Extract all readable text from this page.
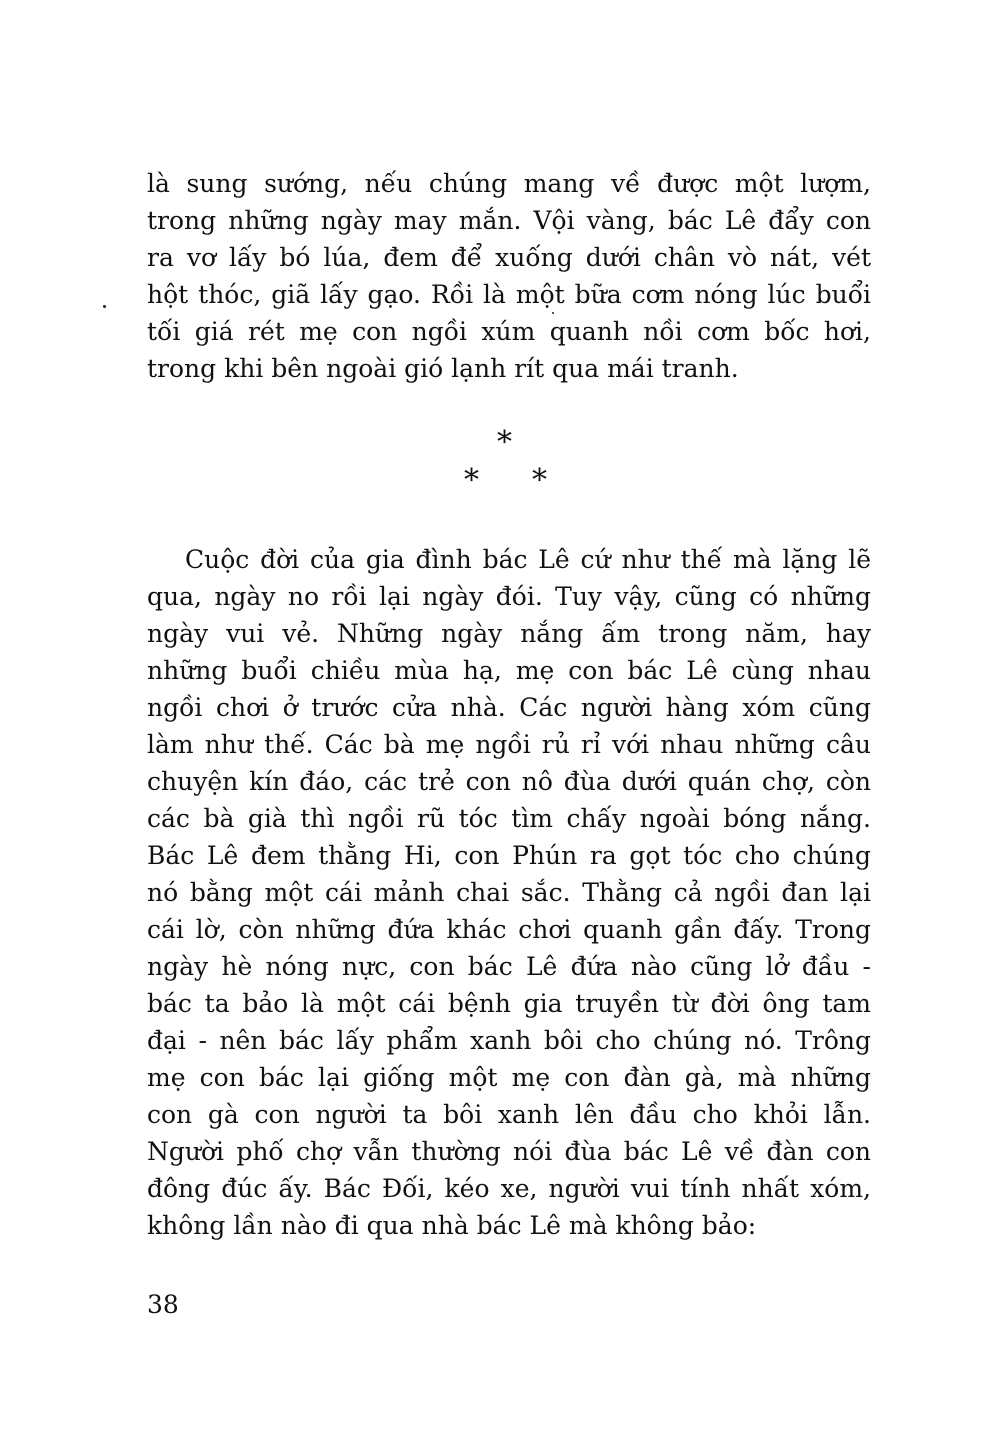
là sung sướng, nếu chúng mang về được một lượm,
trong những ngày may mắn. Vội vàng, bác Lê đẩy con
ra vơ lấy bó lúa, đem để xuống dưới chân vò nát, vét
hột thóc, giã lấy gạo. Rồi là một bữa cơm nóng lúc buổi
tối giá rét mẹ con ngồi xúm quanh nồi cơm bốc hơi,
trong khi bên ngoài gió lạnh rít qua mái tranh.
*
* *
Cuộc đời của gia đình bác Lê cứ như thế mà lặng lẽ
qua, ngày no rồi lại ngày đói. Tuy vậy, cũng có những
ngày vui vẻ. Những ngày nắng ấm trong năm, hay
những buổi chiều mùa hạ, mẹ con bác Lê cùng nhau
ngồi chơi ở trước cửa nhà. Các người hàng xóm cũng
làm như thế. Các bà mẹ ngồi rủ rỉ với nhau những câu
chuyện kín đáo, các trẻ con nô đùa dưới quán chợ, còn
các bà già thì ngồi rũ tóc tìm chấy ngoài bóng nắng.
Bác Lê đem thằng Hi, con Phún ra gọt tóc cho chúng
nó bằng một cái mảnh chai sắc. Thằng cả ngồi đan lại
cái lờ, còn những đứa khác chơi quanh gần đấy. Trong
ngày hè nóng nực, con bác Lê đứa nào cũng lở đầu -
bác ta bảo là một cái bệnh gia truyền từ đời ông tam
đại - nên bác lấy phẩm xanh bôi cho chúng nó. Trông
mẹ con bác lại giống một mẹ con đàn gà, mà những
con gà con người ta bôi xanh lên đầu cho khỏi lẫn.
Người phố chợ vẫn thường nói đùa bác Lê về đàn con
đông đúc ấy. Bác Đối, kéo xe, người vui tính nhất xóm,
không lần nào đi qua nhà bác Lê mà không bảo:
38
